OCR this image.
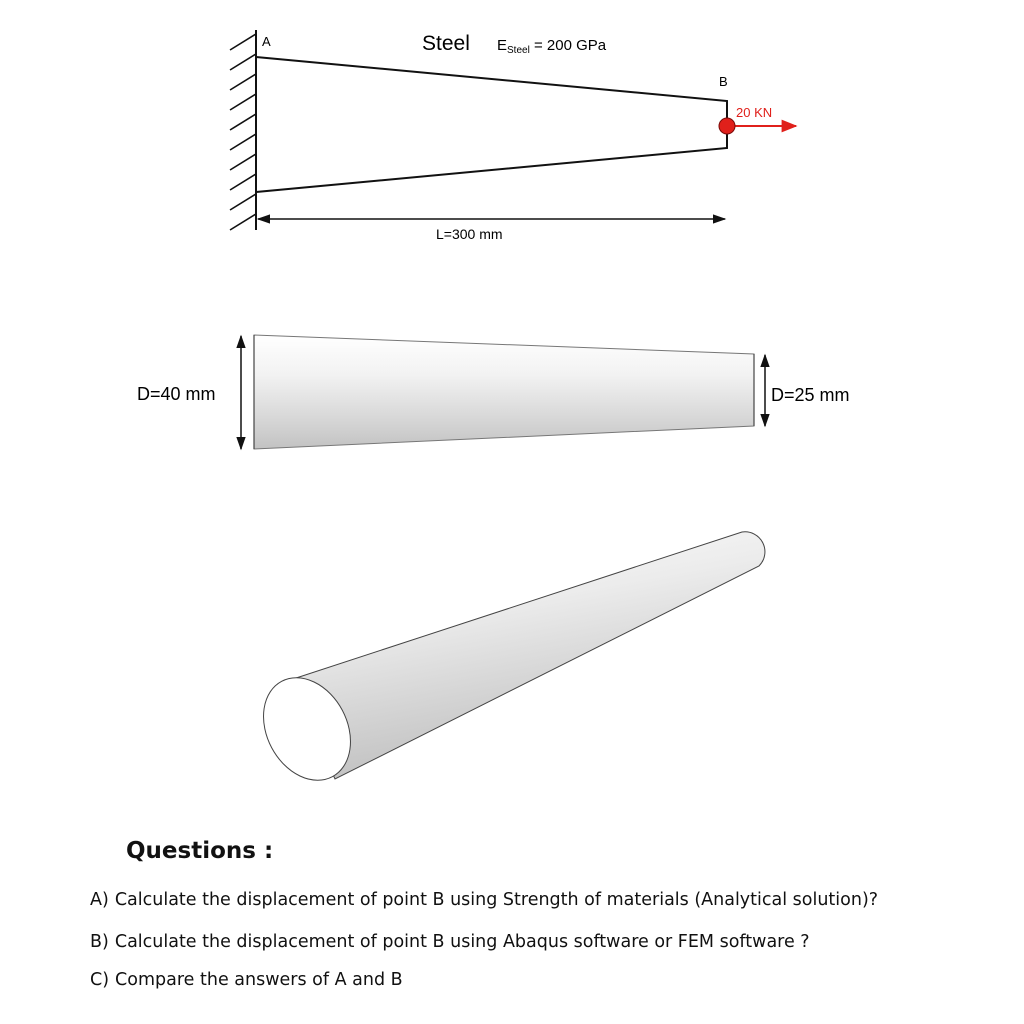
A
B
Steel $E_{Steel} = 200$ GPa
20 KN
L=300 mm
D=40 mm	D=25 mm

Questions :

A) Calculate the displacement of point B using Strength of materials (Analytical solution)?

B) Calculate the displacement of point B using Abaqus software or FEM software ?

C) Compare the answers of A and B
